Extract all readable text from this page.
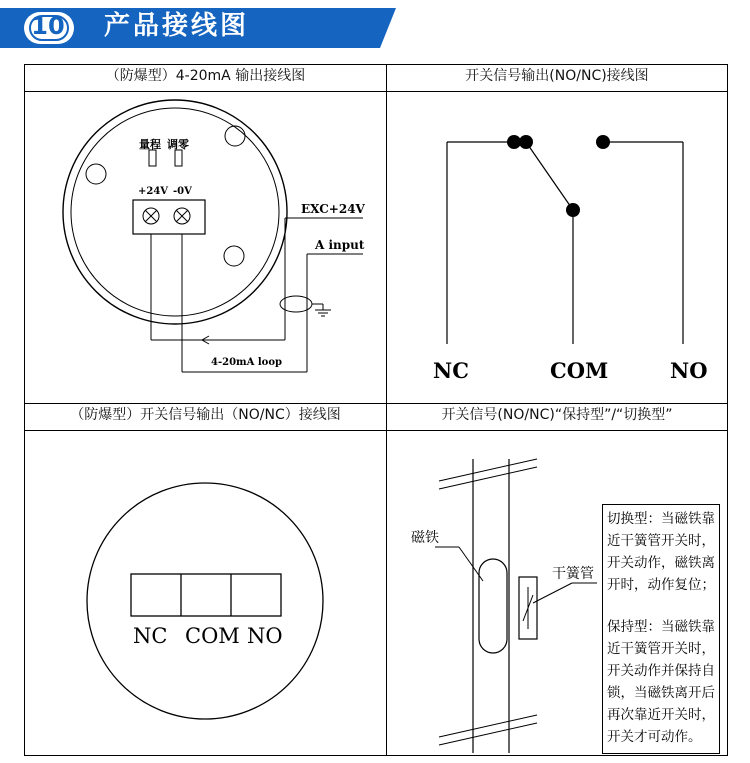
10 产品接线图
（防爆型）4-20mA 输出接线图
量程 调零
+24V -0V
EXC+24V
A input
4-20mA loop
开关信号输出(NO/NC)接线图
NC	COM	NO
（防爆型）开关信号输出（NO/NC）接线图
NC COM NO
开关信号(NO/NC)“保持型”/“切换型”
磁铁
干簧管

切换型：当磁铁靠

近干簧管开关时，

开关动作，磁铁离

开时，动作复位；

保持型：当磁铁靠

近干簧管开关时，

开关动作并保持自

锁，当磁铁离开后

再次靠近开关时，

开关才可动作。
